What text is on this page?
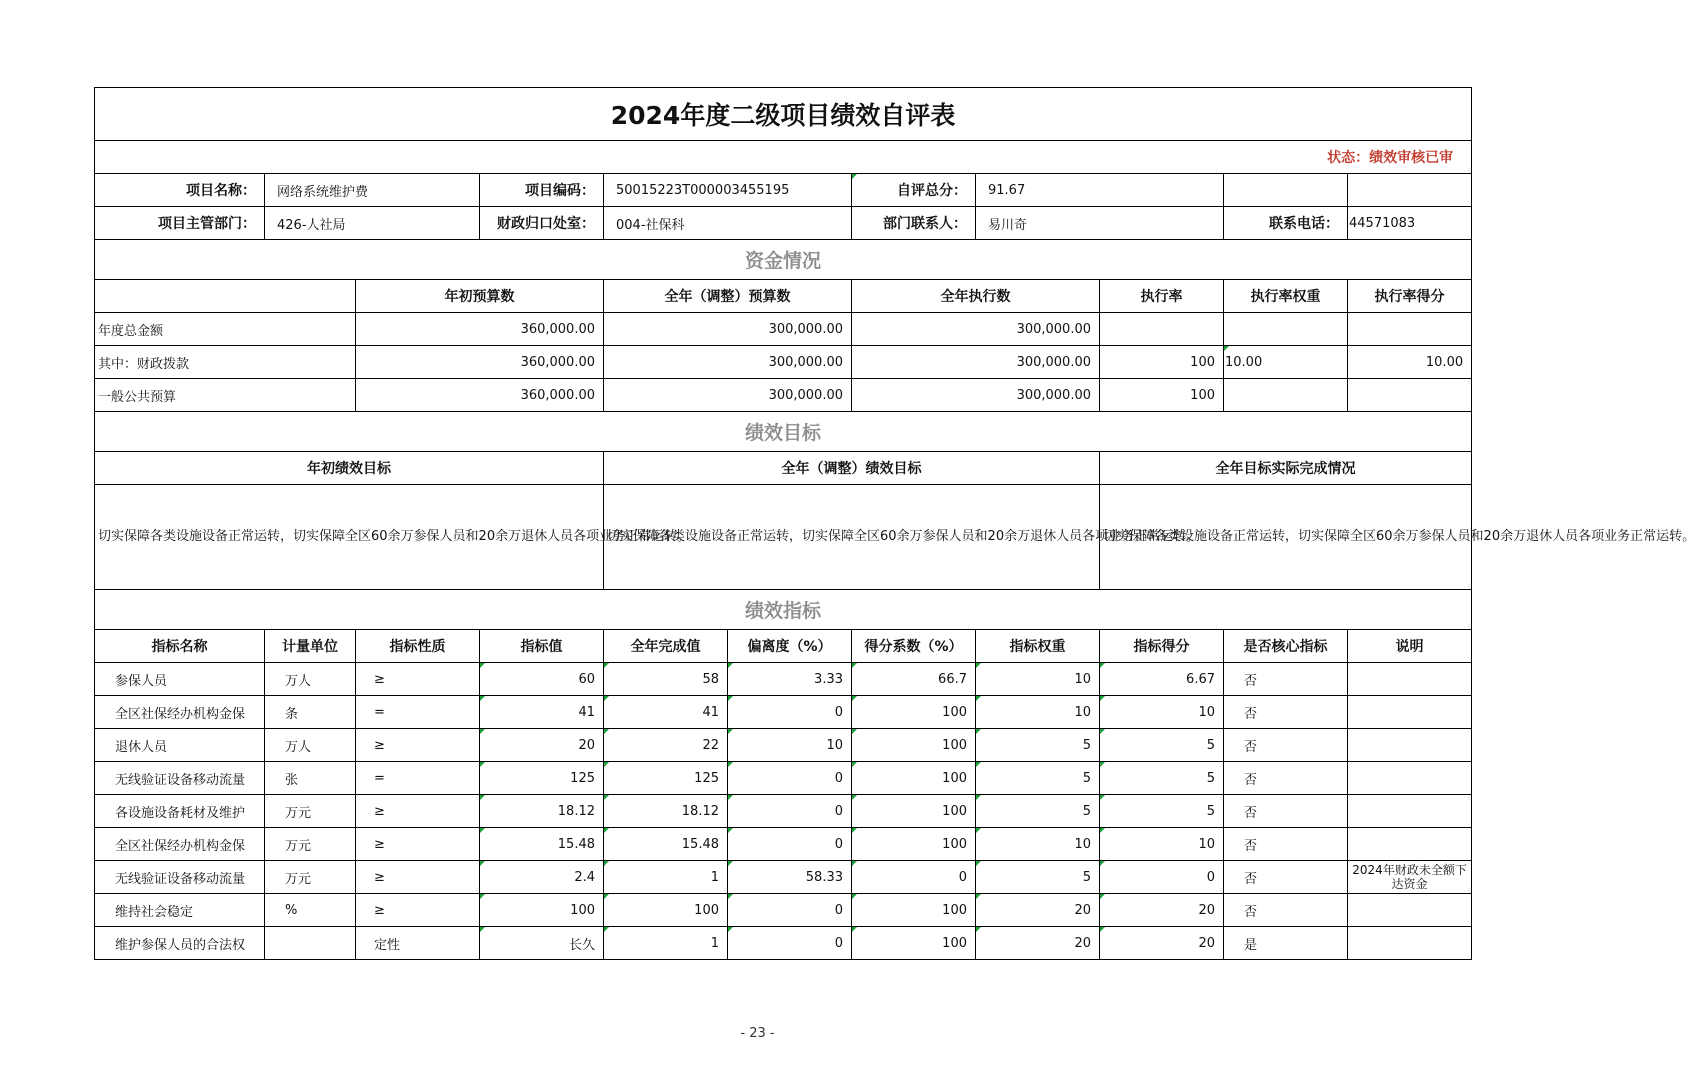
2024年度二级项目绩效自评表										
状态：绩效审核已审										
项目名称：	网络系统维护费		项目编码：	50015223T000003455195		自评总分：	91.67			
项目主管部门：	426-人社局		财政归口处室：	004-社保科		部门联系人：	易川奇		联系电话：	44571083
资金情况										
		年初预算数		全年（调整）预算数		全年执行数		执行率	执行率权重	执行率得分
年度总金额		360,000.00		300,000.00		300,000.00				
其中：财政拨款		360,000.00		300,000.00		300,000.00		100	10.00	10.00
一般公共预算		360,000.00		300,000.00		300,000.00		100		
绩效目标										
年初绩效目标				全年（调整）绩效目标				全年目标实际完成情况		
切实保障各类设施设备正常运转，切实保障全区60余万参保人员和20余万退休人员各项业务正常运转。				切实保障各类设施设备正常运转，切实保障全区60余万参保人员和20余万退休人员各项业务正常运转。				切实保障各类设施设备正常运转，切实保障全区60余万参保人员和20余万退休人员各项业务正常运转。		
绩效指标										
指标名称	计量单位	指标性质	指标值	全年完成值	偏离度（%）	得分系数（%）	指标权重	指标得分	是否核心指标	说明
参保人员	万人	≥	60	58	3.33	66.7	10	6.67	否	
全区社保经办机构金保	条	=	41	41	0	100	10	10	否	
退休人员	万人	≥	20	22	10	100	5	5	否	
无线验证设备移动流量	张	=	125	125	0	100	5	5	否	
各设施设备耗材及维护	万元	≥	18.12	18.12	0	100	5	5	否	
全区社保经办机构金保	万元	≥	15.48	15.48	0	100	10	10	否	
无线验证设备移动流量	万元	≥	2.4	1	58.33	0	5	0	否	2024年财政未全额下达资金
维持社会稳定	%	≥	100	100	0	100	20	20	否	
维护参保人员的合法权		定性	长久	1	0	100	20	20	是	
- 23 -
